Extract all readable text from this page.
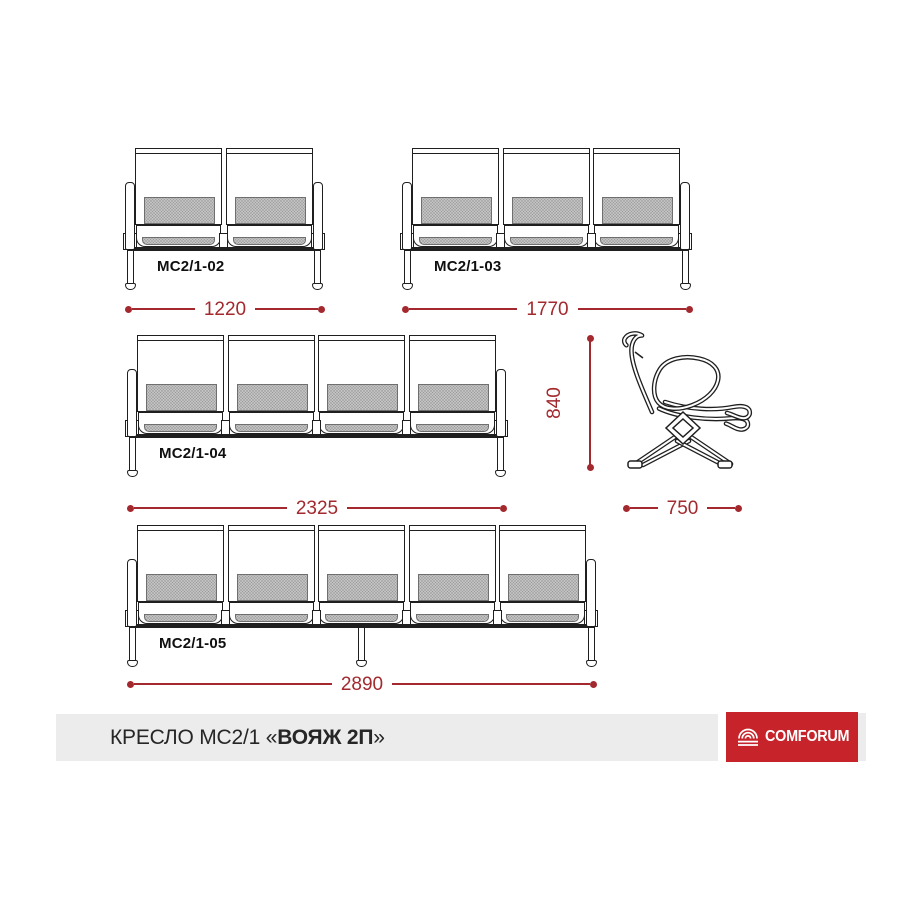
МС2/1-02	МС2/1-03
МС2/1-04
МС2/1-05
1220	1770
2325
2890
840
750
КРЕСЛО МС2/1 «ВОЯЖ 2П»	COMFORUM
